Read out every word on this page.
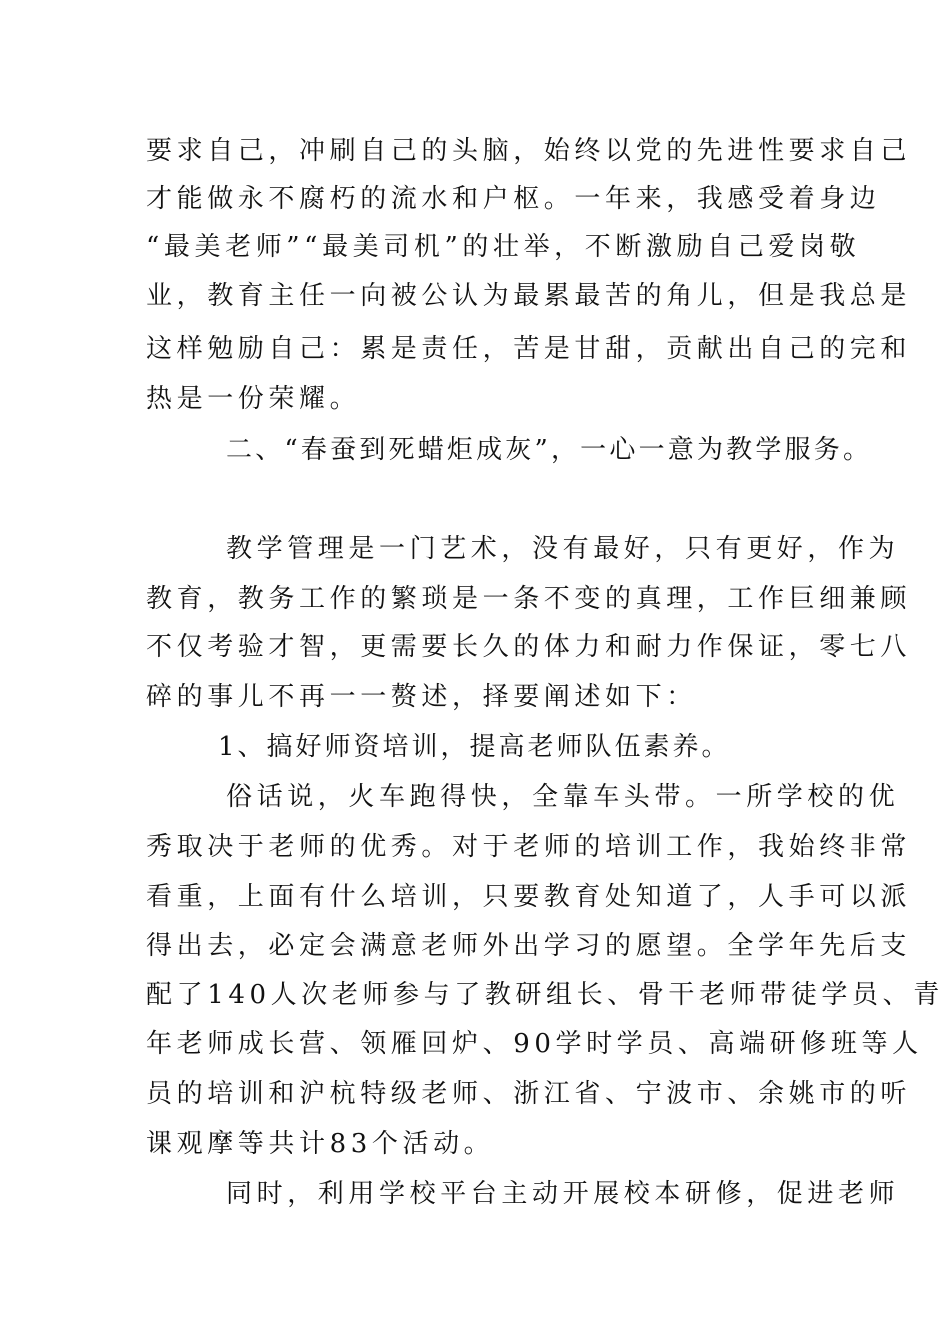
要求自己，冲刷自己的头脑，始终以党的先进性要求自己
才能做永不腐朽的流水和户枢。一年来，我感受着身边
“最美老师”“最美司机”的壮举，不断激励自己爱岗敬
业，教育主任一向被公认为最累最苦的角儿，但是我总是
这样勉励自己：累是责任，苦是甘甜，贡献出自己的完和
热是一份荣耀。
二、“春蚕到死蜡炬成灰”，一心一意为教学服务。
教学管理是一门艺术，没有最好，只有更好，作为
教育，教务工作的繁琐是一条不变的真理，工作巨细兼顾
不仅考验才智，更需要长久的体力和耐力作保证，零七八
碎的事儿不再一一赘述，择要阐述如下：
1、搞好师资培训，提高老师队伍素养。
俗话说，火车跑得快，全靠车头带。一所学校的优
秀取决于老师的优秀。对于老师的培训工作，我始终非常
看重，上面有什么培训，只要教育处知道了，人手可以派
得出去，必定会满意老师外出学习的愿望。全学年先后支
配了140人次老师参与了教研组长、骨干老师带徒学员、青
年老师成长营、领雁回炉、90学时学员、高端研修班等人
员的培训和沪杭特级老师、浙江省、宁波市、余姚市的听
课观摩等共计83个活动。
同时，利用学校平台主动开展校本研修，促进老师
